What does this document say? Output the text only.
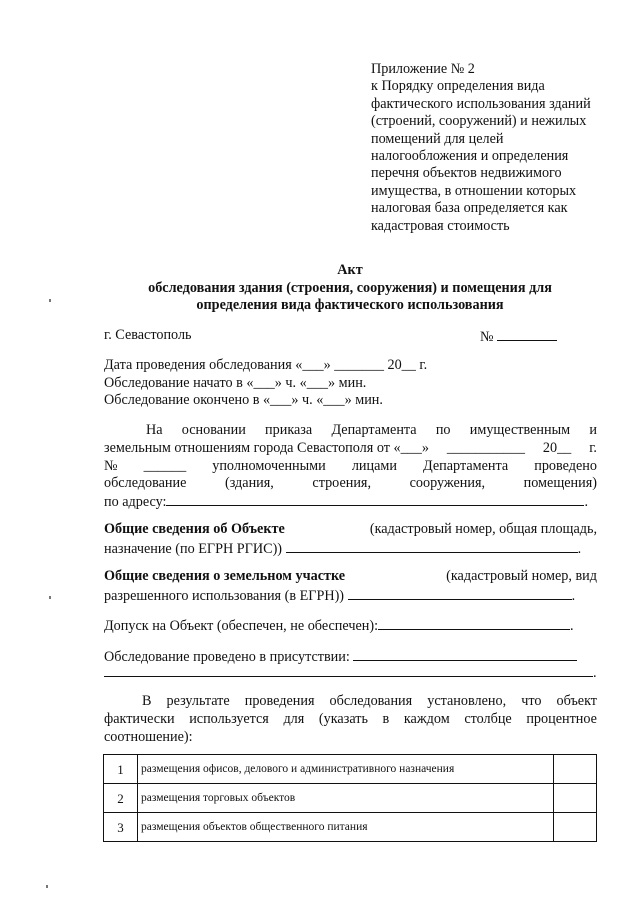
Приложение № 2
к Порядку определения вида
фактического использования зданий
(строений, сооружений) и нежилых
помещений для целей
налогообложения и определения
перечня объектов недвижимого
имущества, в отношении которых
налоговая база определяется как
кадастровая стоимость
Акт
обследования здания (строения, сооружения) и помещения для
определения вида фактического использования
г. Севастополь	№
Дата проведения обследования «___» _______ 20__ г.
Обследование начато в «___» ч. «___» мин.
Обследование окончено в «___» ч. «___» мин.
На основании приказа Департамента по имущественным и
земельным отношениям города Севастополя от «___» ___________ 20__ г.
№ ______ уполномоченными лицами Департамента проведено
обследование	(здания,	строения,	сооружения,	помещения)
по адресу:	.
Общие сведения об Объекте	(кадастровый номер, общая площадь,
назначение (по ЕГРН РГИС))	.
Общие сведения о земельном участке	(кадастровый номер, вид
разрешенного использования (в ЕГРН))	.
Допуск на Объект (обеспечен, не обеспечен):	.
Обследование проведено в присутствии:
.
В результате проведения обследования установлено, что объект
фактически используется для (указать в каждом столбце процентное
соотношение):
1	размещения офисов, делового и административного назначения	
2	размещения торговых объектов	
3	размещения объектов общественного питания	
